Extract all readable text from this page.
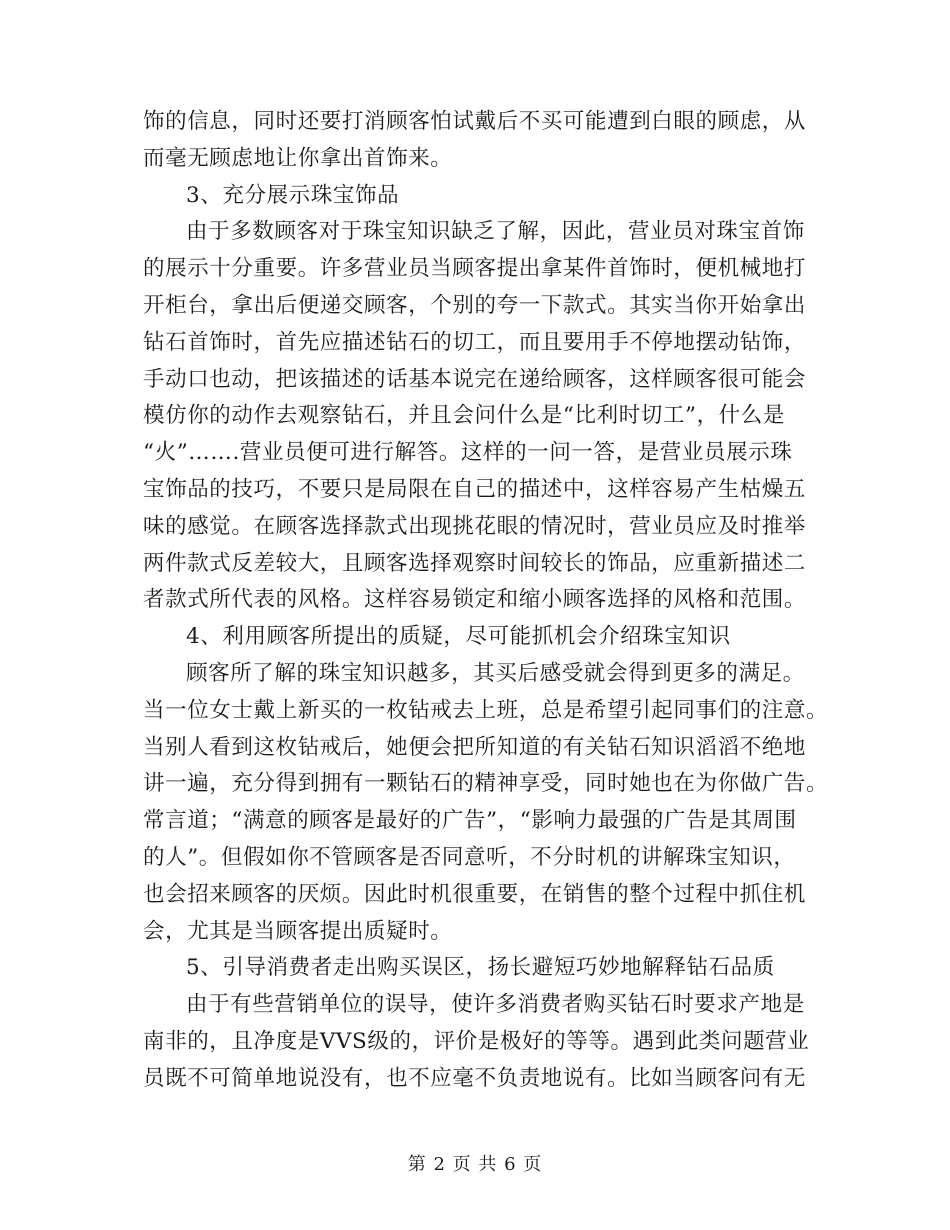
饰的信息，同时还要打消顾客怕试戴后不买可能遭到白眼的顾虑，从
而毫无顾虑地让你拿出首饰来。
3、充分展示珠宝饰品
由于多数顾客对于珠宝知识缺乏了解，因此，营业员对珠宝首饰
的展示十分重要。许多营业员当顾客提出拿某件首饰时，便机械地打
开柜台，拿出后便递交顾客，个别的夸一下款式。其实当你开始拿出
钻石首饰时，首先应描述钻石的切工，而且要用手不停地摆动钻饰，
手动口也动，把该描述的话基本说完在递给顾客，这样顾客很可能会
模仿你的动作去观察钻石，并且会问什么是“比利时切工”，什么是
“火”…….营业员便可进行解答。这样的一问一答，是营业员展示珠
宝饰品的技巧，不要只是局限在自己的描述中，这样容易产生枯燥五
味的感觉。在顾客选择款式出现挑花眼的情况时，营业员应及时推举
两件款式反差较大，且顾客选择观察时间较长的饰品，应重新描述二
者款式所代表的风格。这样容易锁定和缩小顾客选择的风格和范围。
4、利用顾客所提出的质疑，尽可能抓机会介绍珠宝知识
顾客所了解的珠宝知识越多，其买后感受就会得到更多的满足。
当一位女士戴上新买的一枚钻戒去上班，总是希望引起同事们的注意。
当别人看到这枚钻戒后，她便会把所知道的有关钻石知识滔滔不绝地
讲一遍，充分得到拥有一颗钻石的精神享受，同时她也在为你做广告。
常言道；“满意的顾客是最好的广告”，“影响力最强的广告是其周围
的人”。但假如你不管顾客是否同意听，不分时机的讲解珠宝知识，
也会招来顾客的厌烦。因此时机很重要，在销售的整个过程中抓住机
会，尤其是当顾客提出质疑时。
5、引导消费者走出购买误区，扬长避短巧妙地解释钻石品质
由于有些营销单位的误导，使许多消费者购买钻石时要求产地是
南非的，且净度是VVS级的，评价是极好的等等。遇到此类问题营业
员既不可简单地说没有，也不应毫不负责地说有。比如当顾客问有无
第 2 页 共 6 页
